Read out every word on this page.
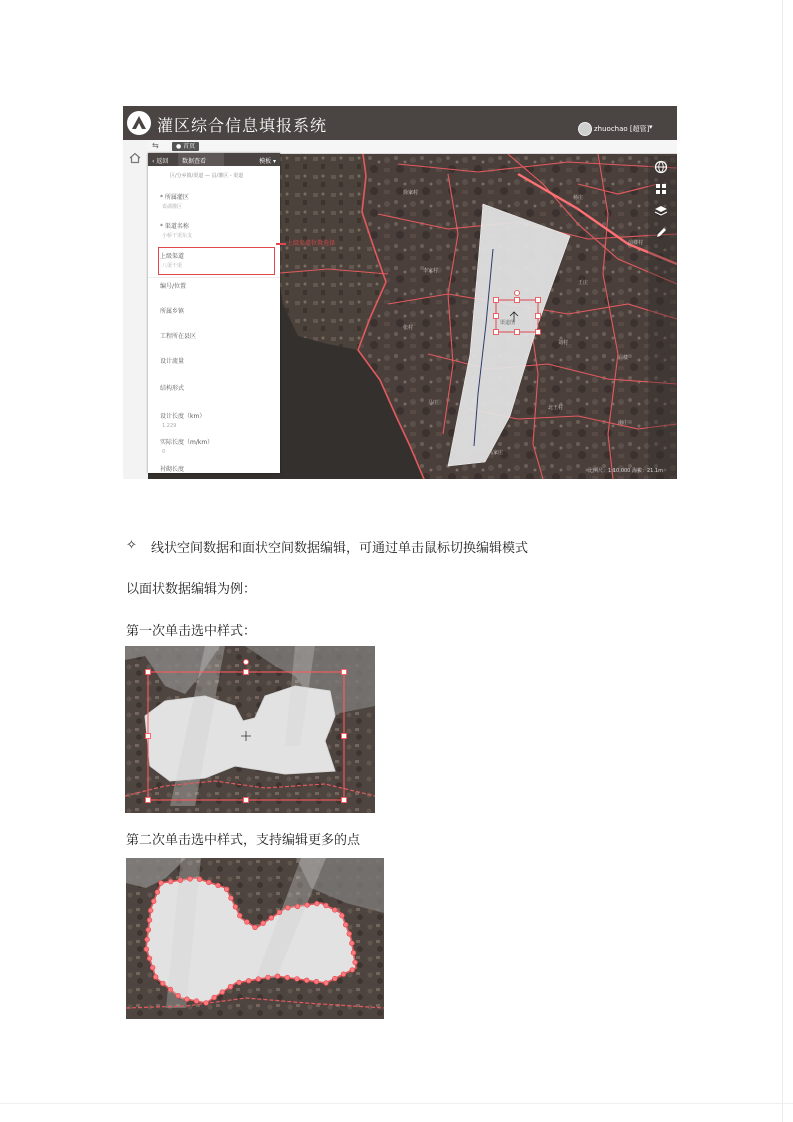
灌区综合信息填报系统	zhuochao [超管] ▾
⇆	● 首页
渠道图
徐家村
杨庄
前楼村
李家村
王庄
张村
刘村
后楼
马庄
北王村
南庄
高家庄
比例尺：1:10,000 海拔：21.1m
‹ 返回 数据查看	模板 ▾
区/分乡镇/渠道 — 县/灌区 - 渠道
* 所属灌区
泰湖灌区
* 渠道名称
小桥干渠东支
上级渠道
八渠干渠
编号/位置
所属乡镇
工程所在县区
设计流量
结构形式
设计长度（km）
1.229
实际长度（m/km）
0
衬砌长度
上级渠道位置选择
✧ 线状空间数据和面状空间数据编辑，可通过单击鼠标切换编辑模式
以面状数据编辑为例：
第一次单击选中样式：
第二次单击选中样式，支持编辑更多的点
